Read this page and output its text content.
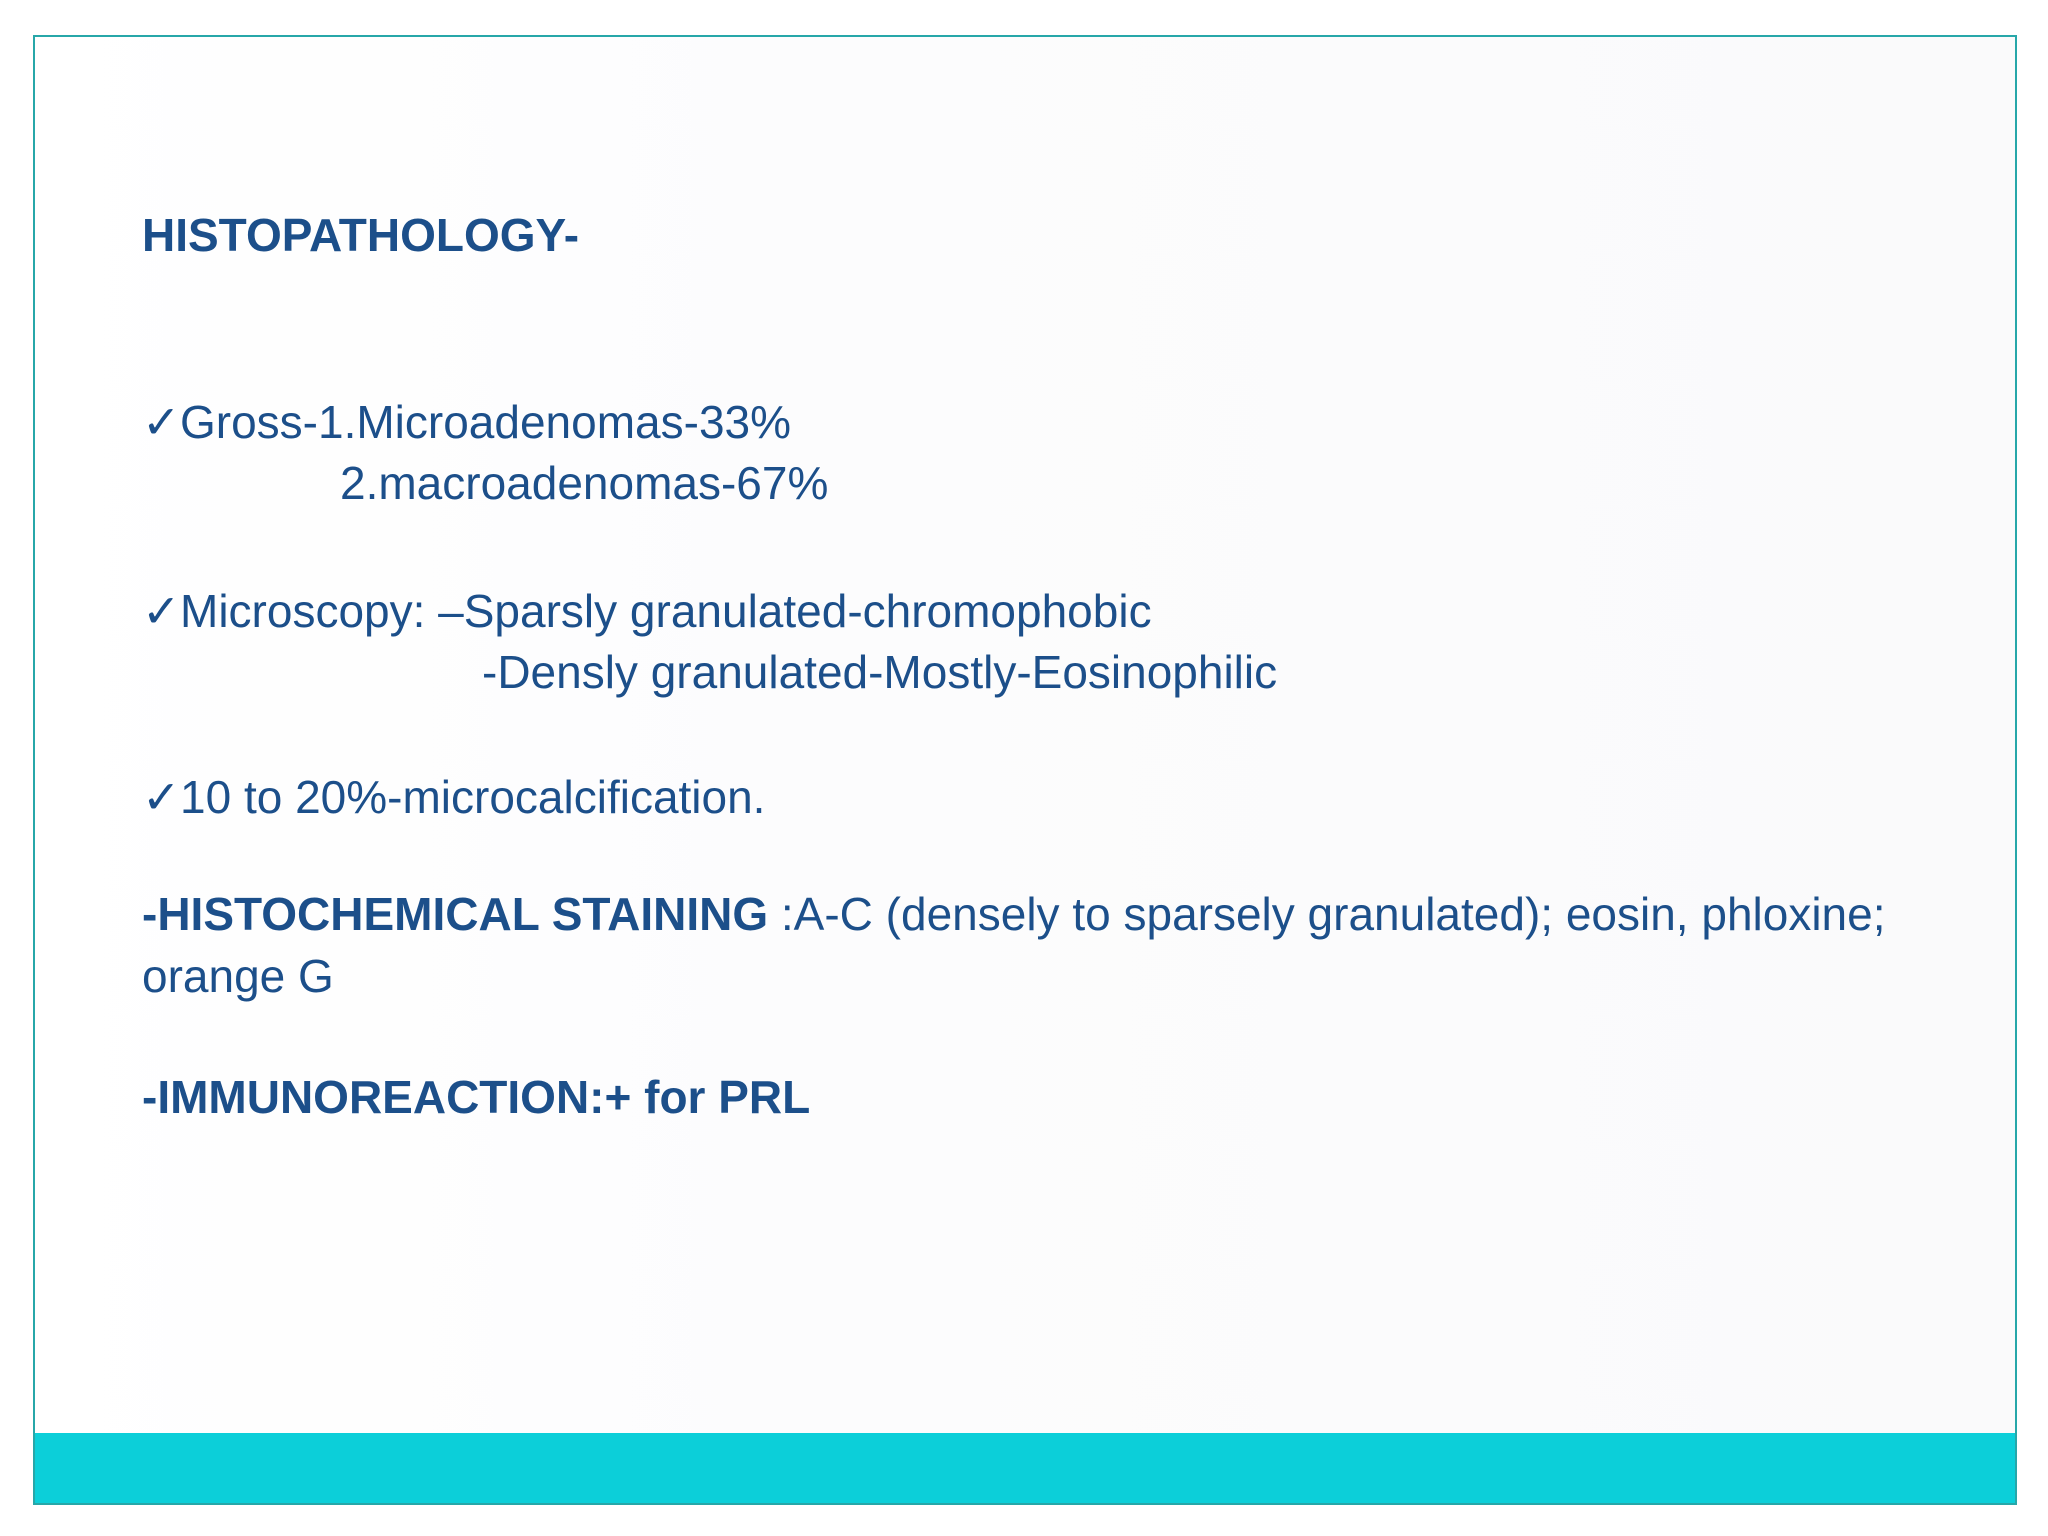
HISTOPATHOLOGY-
✓Gross-1.Microadenomas-33%
2.macroadenomas-67%
✓Microscopy: –Sparsly granulated-chromophobic
-Densly granulated-Mostly-Eosinophilic
✓10 to 20%-microcalcification.
-HISTOCHEMICAL STAINING :A-C (densely to sparsely granulated); eosin, phloxine; orange G
-IMMUNOREACTION:+ for PRL
